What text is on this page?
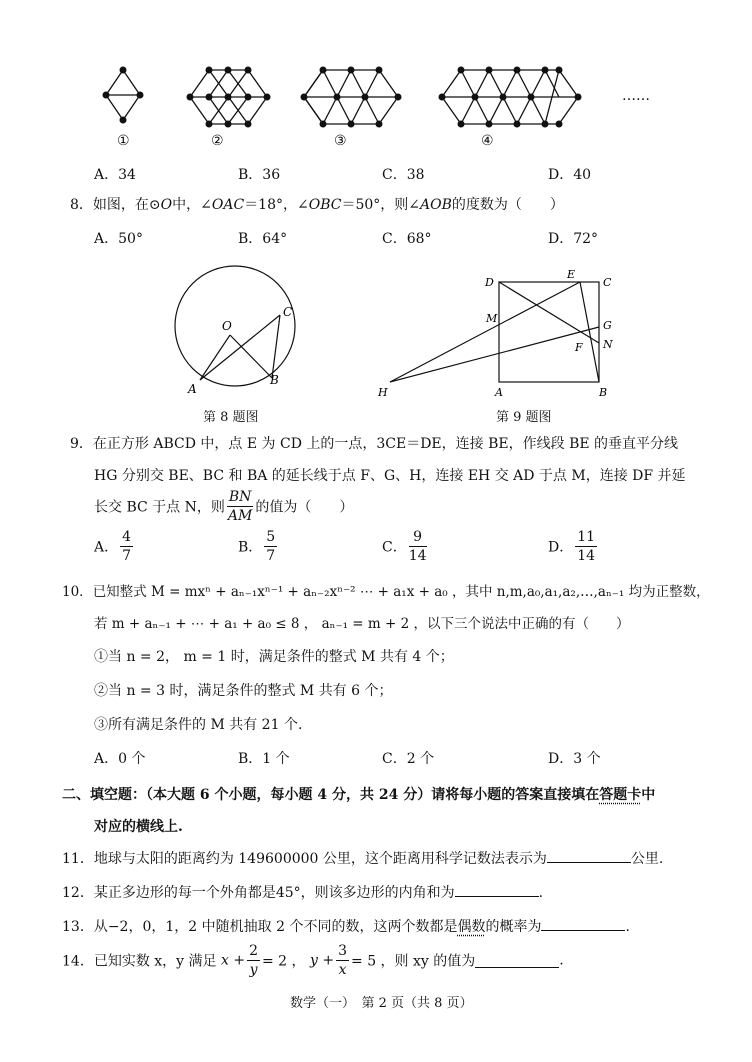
①	②	③	④
……
A．34	B．36	C．38	D．40
8．如图，在⊙O中，∠OAC＝18°，∠OBC＝50°，则∠AOB的度数为（　　）
A．50°	B．64°	C．68°	D．72°
O
A
B
C
第 8 题图
D
E
C
M
G
F N
H	A	B
第 9 题图
9．在正方形 ABCD 中，点 E 为 CD 上的一点，3CE＝DE，连接 BE，作线段 BE 的垂直平分线
HG 分别交 BE、BC 和 BA 的延长线于点 F、G、H，连接 EH 交 AD 于点 M，连接 DF 并延
长交 BC 于点 N，则 $\frac{BN}{AM}$ 的值为（　　）
A． $\frac{4}{7}$	B． $\frac{5}{7}$	C． $\frac{9}{14}$	D． $\frac{11}{14}$
10．已知整式 M = mxⁿ + aₙ₋₁xⁿ⁻¹ + aₙ₋₂xⁿ⁻² ⋯ + a₁x + a₀ ，其中 n,m,a₀,a₁,a₂,…,aₙ₋₁ 均为正整数，
若 m + aₙ₋₁ + ⋯ + a₁ + a₀ ≤ 8 ， aₙ₋₁ = m + 2 ，以下三个说法中正确的有（　　）
①当 n = 2， m = 1 时，满足条件的整式 M 共有 4 个；
②当 n = 3 时，满足条件的整式 M 共有 6 个；
③所有满足条件的 M 共有 21 个.
A．0 个	B．1 个	C．2 个	D．3 个
二、填空题：（本大题 6 个小题，每小题 4 分，共 24 分）请将每小题的答案直接填在答题卡中
对应的横线上.
11．地球与太阳的距离约为 149600000 公里，这个距离用科学记数法表示为	公里.
12．某正多边形的每一个外角都是45°，则该多边形的内角和为	.
13．从−2，0，1，2 中随机抽取 2 个不同的数，这两个数都是偶数的概率为	.
14．已知实数 x，y 满足 $x + \frac{2}{y} = 2$ ， $y + \frac{3}{x} = 5$ ，则 xy 的值为	.
数学（一）　第 2 页（共 8 页）
